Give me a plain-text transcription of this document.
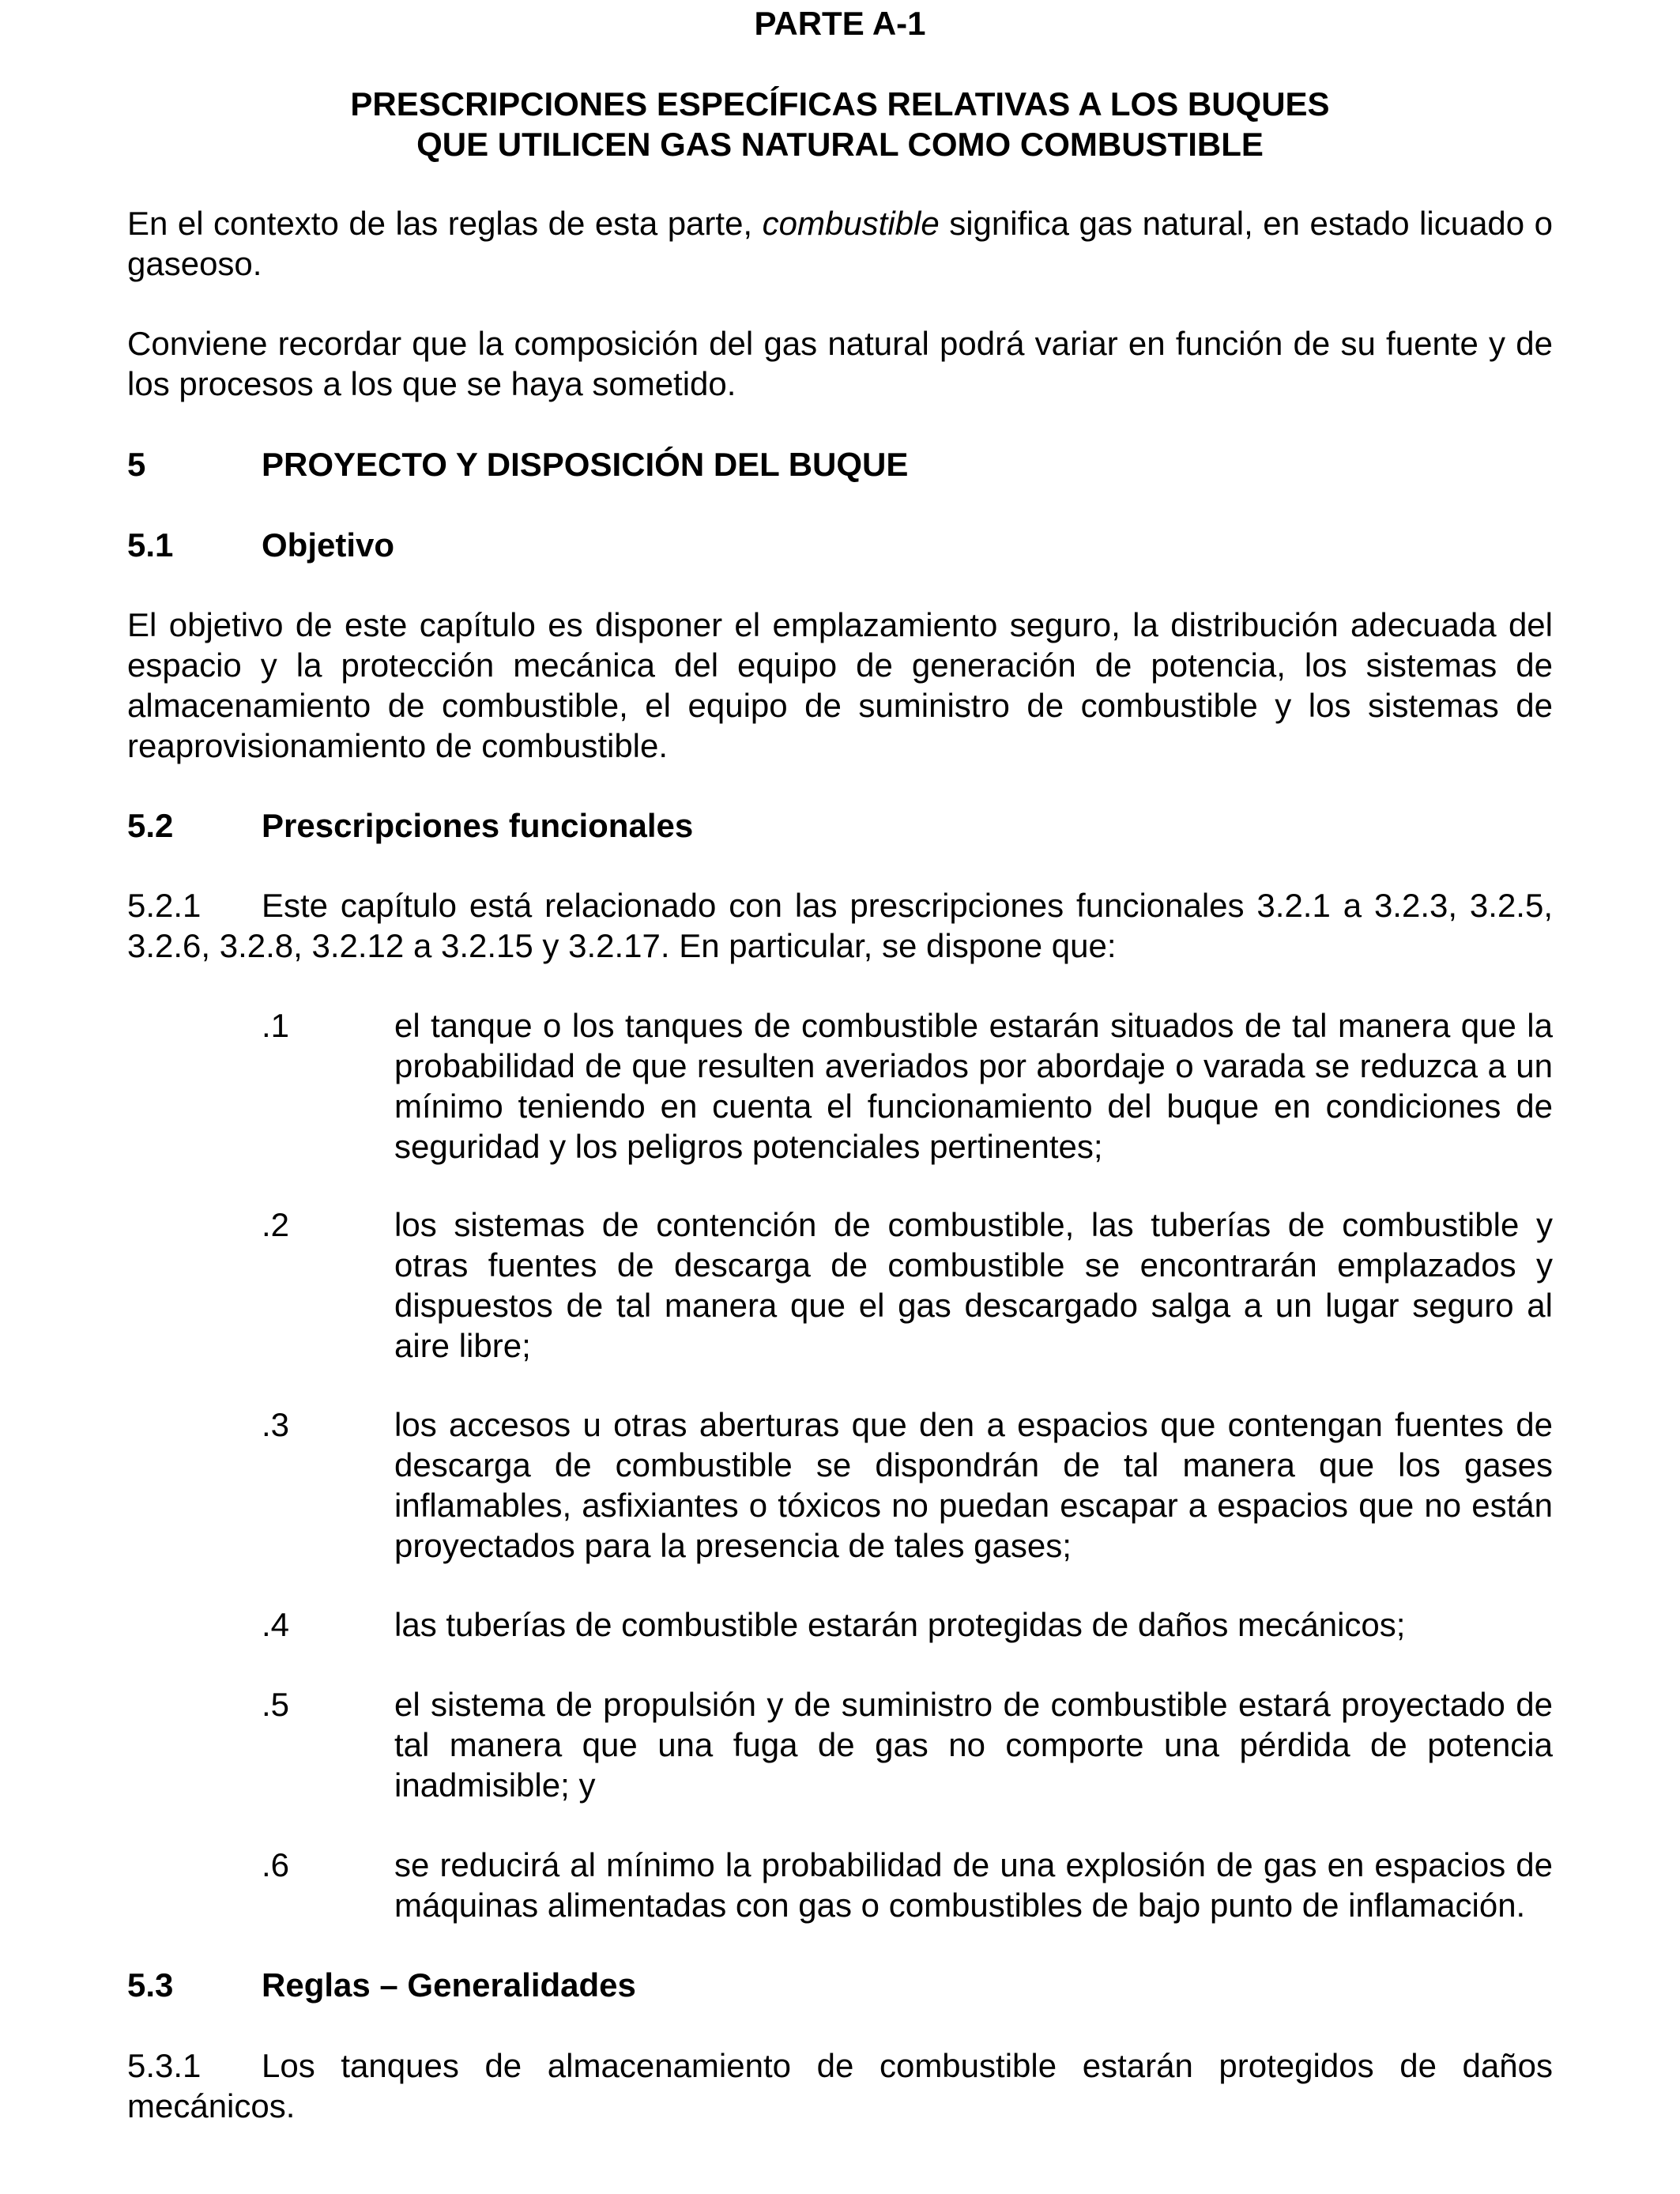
PARTE A-1
PRESCRIPCIONES ESPECÍFICAS RELATIVAS A LOS BUQUES
QUE UTILICEN GAS NATURAL COMO COMBUSTIBLE
En el contexto de las reglas de esta parte, combustible significa gas natural, en estado licuado o gaseoso.
Conviene recordar que la composición del gas natural podrá variar en función de su fuente y de los procesos a los que se haya sometido.
5	PROYECTO Y DISPOSICIÓN DEL BUQUE
5.1	Objetivo
El objetivo de este capítulo es disponer el emplazamiento seguro, la distribución adecuada del espacio y la protección mecánica del equipo de generación de potencia, los sistemas de almacenamiento de combustible, el equipo de suministro de combustible y los sistemas de reaprovisionamiento de combustible.
5.2	Prescripciones funcionales
5.2.1 Este capítulo está relacionado con las prescripciones funcionales 3.2.1 a 3.2.3, 3.2.5, 3.2.6, 3.2.8, 3.2.12 a 3.2.15 y 3.2.17. En particular, se dispone que:
.1	el tanque o los tanques de combustible estarán situados de tal manera que la probabilidad de que resulten averiados por abordaje o varada se reduzca a un mínimo teniendo en cuenta el funcionamiento del buque en condiciones de seguridad y los peligros potenciales pertinentes;
.2	los sistemas de contención de combustible, las tuberías de combustible y otras fuentes de descarga de combustible se encontrarán emplazados y dispuestos de tal manera que el gas descargado salga a un lugar seguro al aire libre;
.3	los accesos u otras aberturas que den a espacios que contengan fuentes de descarga de combustible se dispondrán de tal manera que los gases inflamables, asfixiantes o tóxicos no puedan escapar a espacios que no están proyectados para la presencia de tales gases;
.4	las tuberías de combustible estarán protegidas de daños mecánicos;
.5	el sistema de propulsión y de suministro de combustible estará proyectado de tal manera que una fuga de gas no comporte una pérdida de potencia inadmisible; y
.6	se reducirá al mínimo la probabilidad de una explosión de gas en espacios de máquinas alimentadas con gas o combustibles de bajo punto de inflamación.
5.3	Reglas – Generalidades
5.3.1 Los tanques de almacenamiento de combustible estarán protegidos de daños mecánicos.
